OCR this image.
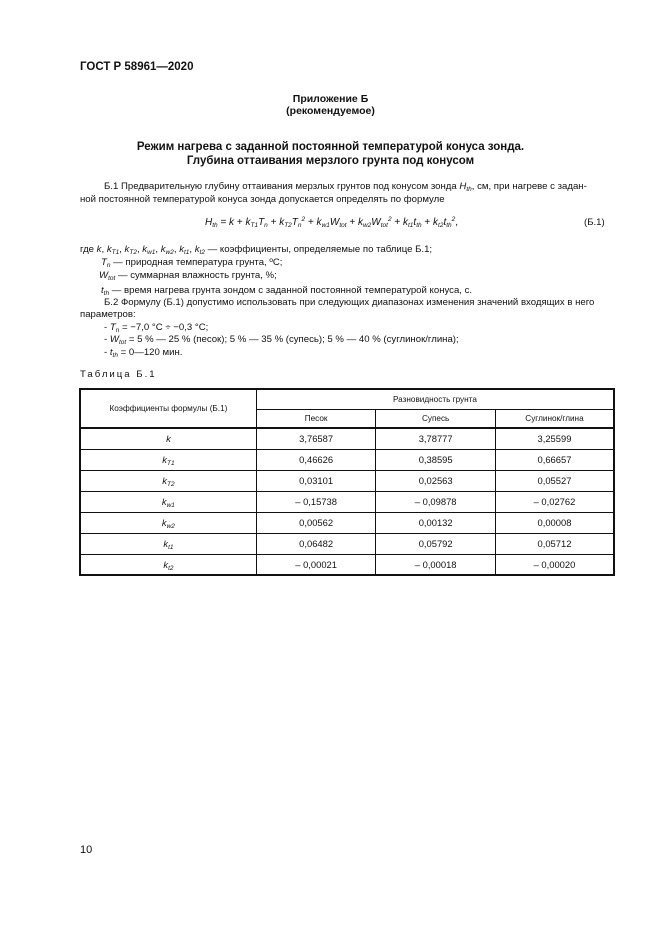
ГОСТ Р 58961—2020
Приложение Б
(рекомендуемое)
Режим нагрева с заданной постоянной температурой конуса зонда.
Глубина оттаивания мерзлого грунта под конусом
Б.1 Предварительную глубину оттаивания мерзлых грунтов под конусом зонда $H_{th}$, см, при нагреве с задан-
ной постоянной температурой конуса зонда допускается определять по формуле
$H_{th} = k + k_{T1}T_n + k_{T2}T_n^2 + k_{w1}W_{tot} + k_{w2}W_{tot}^2 + k_{t1}t_{th} + k_{t2}t_{th}^2$,	(Б.1)
где k, $k_{T1}$, $k_{T2}$, $k_{w1}$, $k_{w2}$, $k_{t1}$, $k_{t2}$ — коэффициенты, определяемые по таблице Б.1;
$T_n$ — природная температура грунта, ºС;
$W_{tot}$ — суммарная влажность грунта, %;
$t_{th}$ — время нагрева грунта зондом с заданной постоянной температурой конуса, с.
Б.2 Формулу (Б.1) допустимо использовать при следующих диапазонах изменения значений входящих в него
параметров:
- $T_n = -7,0$ °С ÷ −0,3 °С;
- $W_{tot} = 5$ % — 25 % (песок); 5 % — 35 % (супесь); 5 % — 40 % (суглинок/глина);
- $t_{th}$ = 0—120 мин.
Таблица Б.1
Коэффициенты формулы (Б.1)	Разновидность грунта		
	Песок	Супесь	Суглинок/глина
k	3,76587	3,78777	3,25599
$k_{T1}$	0,46626	0,38595	0,66657
$k_{T2}$	0,03101	0,02563	0,05527
$k_{w1}$	– 0,15738	– 0,09878	– 0,02762
$k_{w2}$	0,00562	0,00132	0,00008
$k_{t1}$	0,06482	0,05792	0,05712
$k_{t2}$	– 0,00021	– 0,00018	– 0,00020
10
